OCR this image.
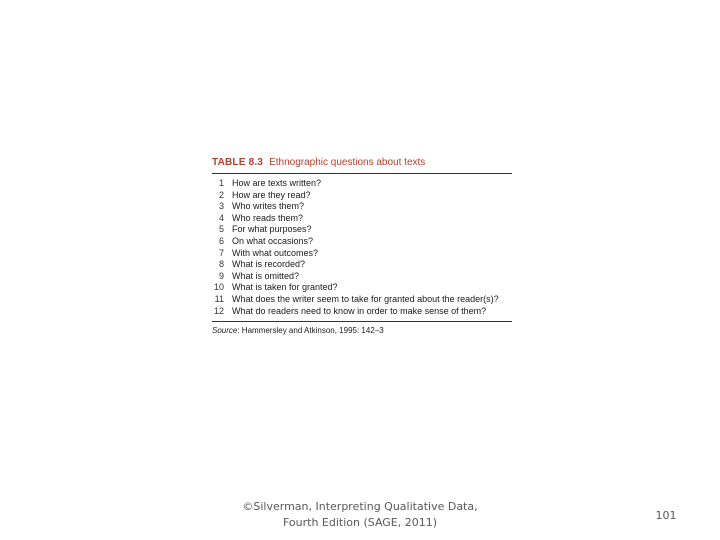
TABLE 8.3 Ethnographic questions about texts
1 How are texts written?
2 How are they read?
3 Who writes them?
4 Who reads them?
5 For what purposes?
6 On what occasions?
7 With what outcomes?
8 What is recorded?
9 What is omitted?
10 What is taken for granted?
11 What does the writer seem to take for granted about the reader(s)?
12 What do readers need to know in order to make sense of them?
Source: Hammersley and Atkinson, 1995: 142–3
©Silverman, Interpreting Qualitative Data,
Fourth Edition (SAGE, 2011)
101
